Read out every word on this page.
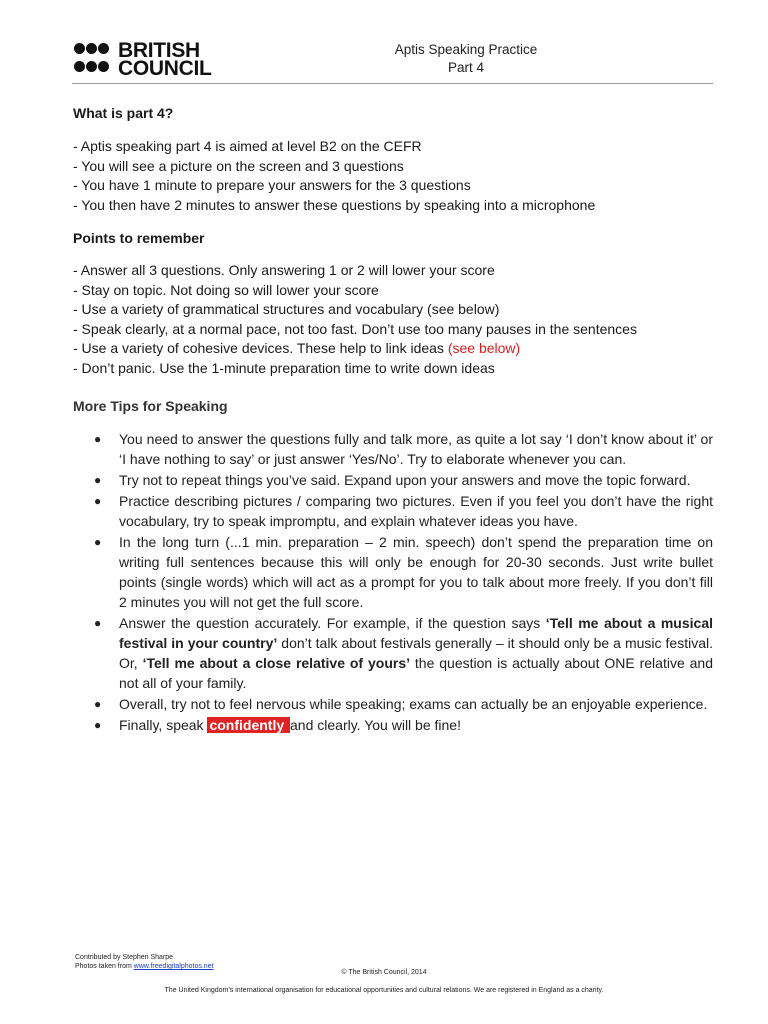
BRITISH
COUNCIL
Aptis Speaking Practice
Part 4

What is part 4?

- Aptis speaking part 4 is aimed at level B2 on the CEFR

- You will see a picture on the screen and 3 questions

- You have 1 minute to prepare your answers for the 3 questions

- You then have 2 minutes to answer these questions by speaking into a microphone

Points to remember

- Answer all 3 questions. Only answering 1 or 2 will lower your score

- Stay on topic. Not doing so will lower your score

- Use a variety of grammatical structures and vocabulary (see below)

- Speak clearly, at a normal pace, not too fast. Don’t use too many pauses in the sentences

- Use a variety of cohesive devices. These help to link ideas (see below)

- Don’t panic. Use the 1-minute preparation time to write down ideas

More Tips for Speaking

● You need to answer the questions fully and talk more, as quite a lot say ‘I don’t know about it’ or ‘I have nothing to say’ or just answer ‘Yes/No’. Try to elaborate whenever you can.
● Try not to repeat things you’ve said. Expand upon your answers and move the topic forward.
● Practice describing pictures / comparing two pictures. Even if you feel you don’t have the right vocabulary, try to speak impromptu, and explain whatever ideas you have.
● In the long turn (...1 min. preparation – 2 min. speech) don’t spend the preparation time on writing full sentences because this will only be enough for 20-30 seconds. Just write bullet points (single words) which will act as a prompt for you to talk about more freely. If you don’t fill 2 minutes you will not get the full score.
● Answer the question accurately. For example, if the question says ‘Tell me about a musical festival in your country’ don’t talk about festivals generally – it should only be a music festival. Or, ‘Tell me about a close relative of yours’ the question is actually about ONE relative and not all of your family.
● Overall, try not to feel nervous while speaking; exams can actually be an enjoyable experience.
● Finally, speak confidently and clearly. You will be fine!
Contributed by Stephen Sharpe
Photos taken from www.freedigitalphotos.net
© The British Council, 2014
The United Kingdom’s international organisation for educational opportunities and cultural relations. We are registered in England as a charity.
